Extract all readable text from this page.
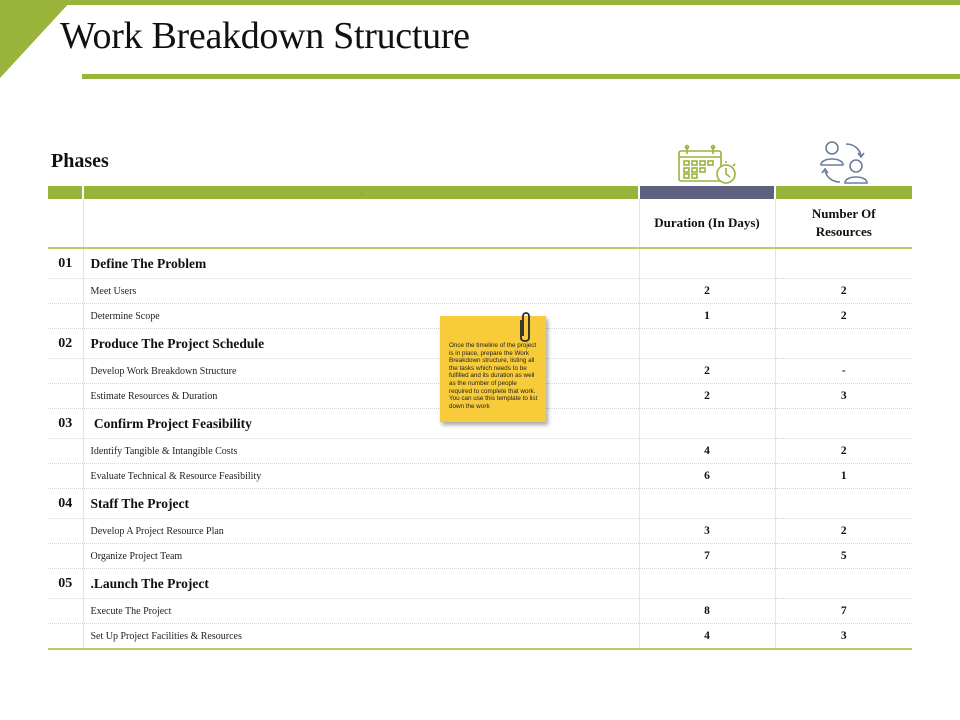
Work Breakdown Structure
Phases
	·		
		Duration (In Days)	Number Of Resources
01	Define The Problem		
	Meet Users	2	2
	Determine Scope	1	2
02	Produce The Project Schedule		
	Develop Work Breakdown Structure	2	-
	Estimate Resources & Duration	2	3
03	Confirm Project Feasibility		
	Identify Tangible & Intangible Costs	4	2
	Evaluate Technical & Resource Feasibility	6	1
04	Staff The Project		
	Develop A Project Resource Plan	3	2
	Organize Project Team	7	5
05	.Launch The Project		
	Execute The Project	8	7
	Set Up Project Facilities & Resources	4	3

Once the timeline of the project is in place, prepare the Work Breakdown structure, listing all the tasks which needs to be fulfilled and its duration as well as the number of people required to complete that work. You can use this template to list down the work
